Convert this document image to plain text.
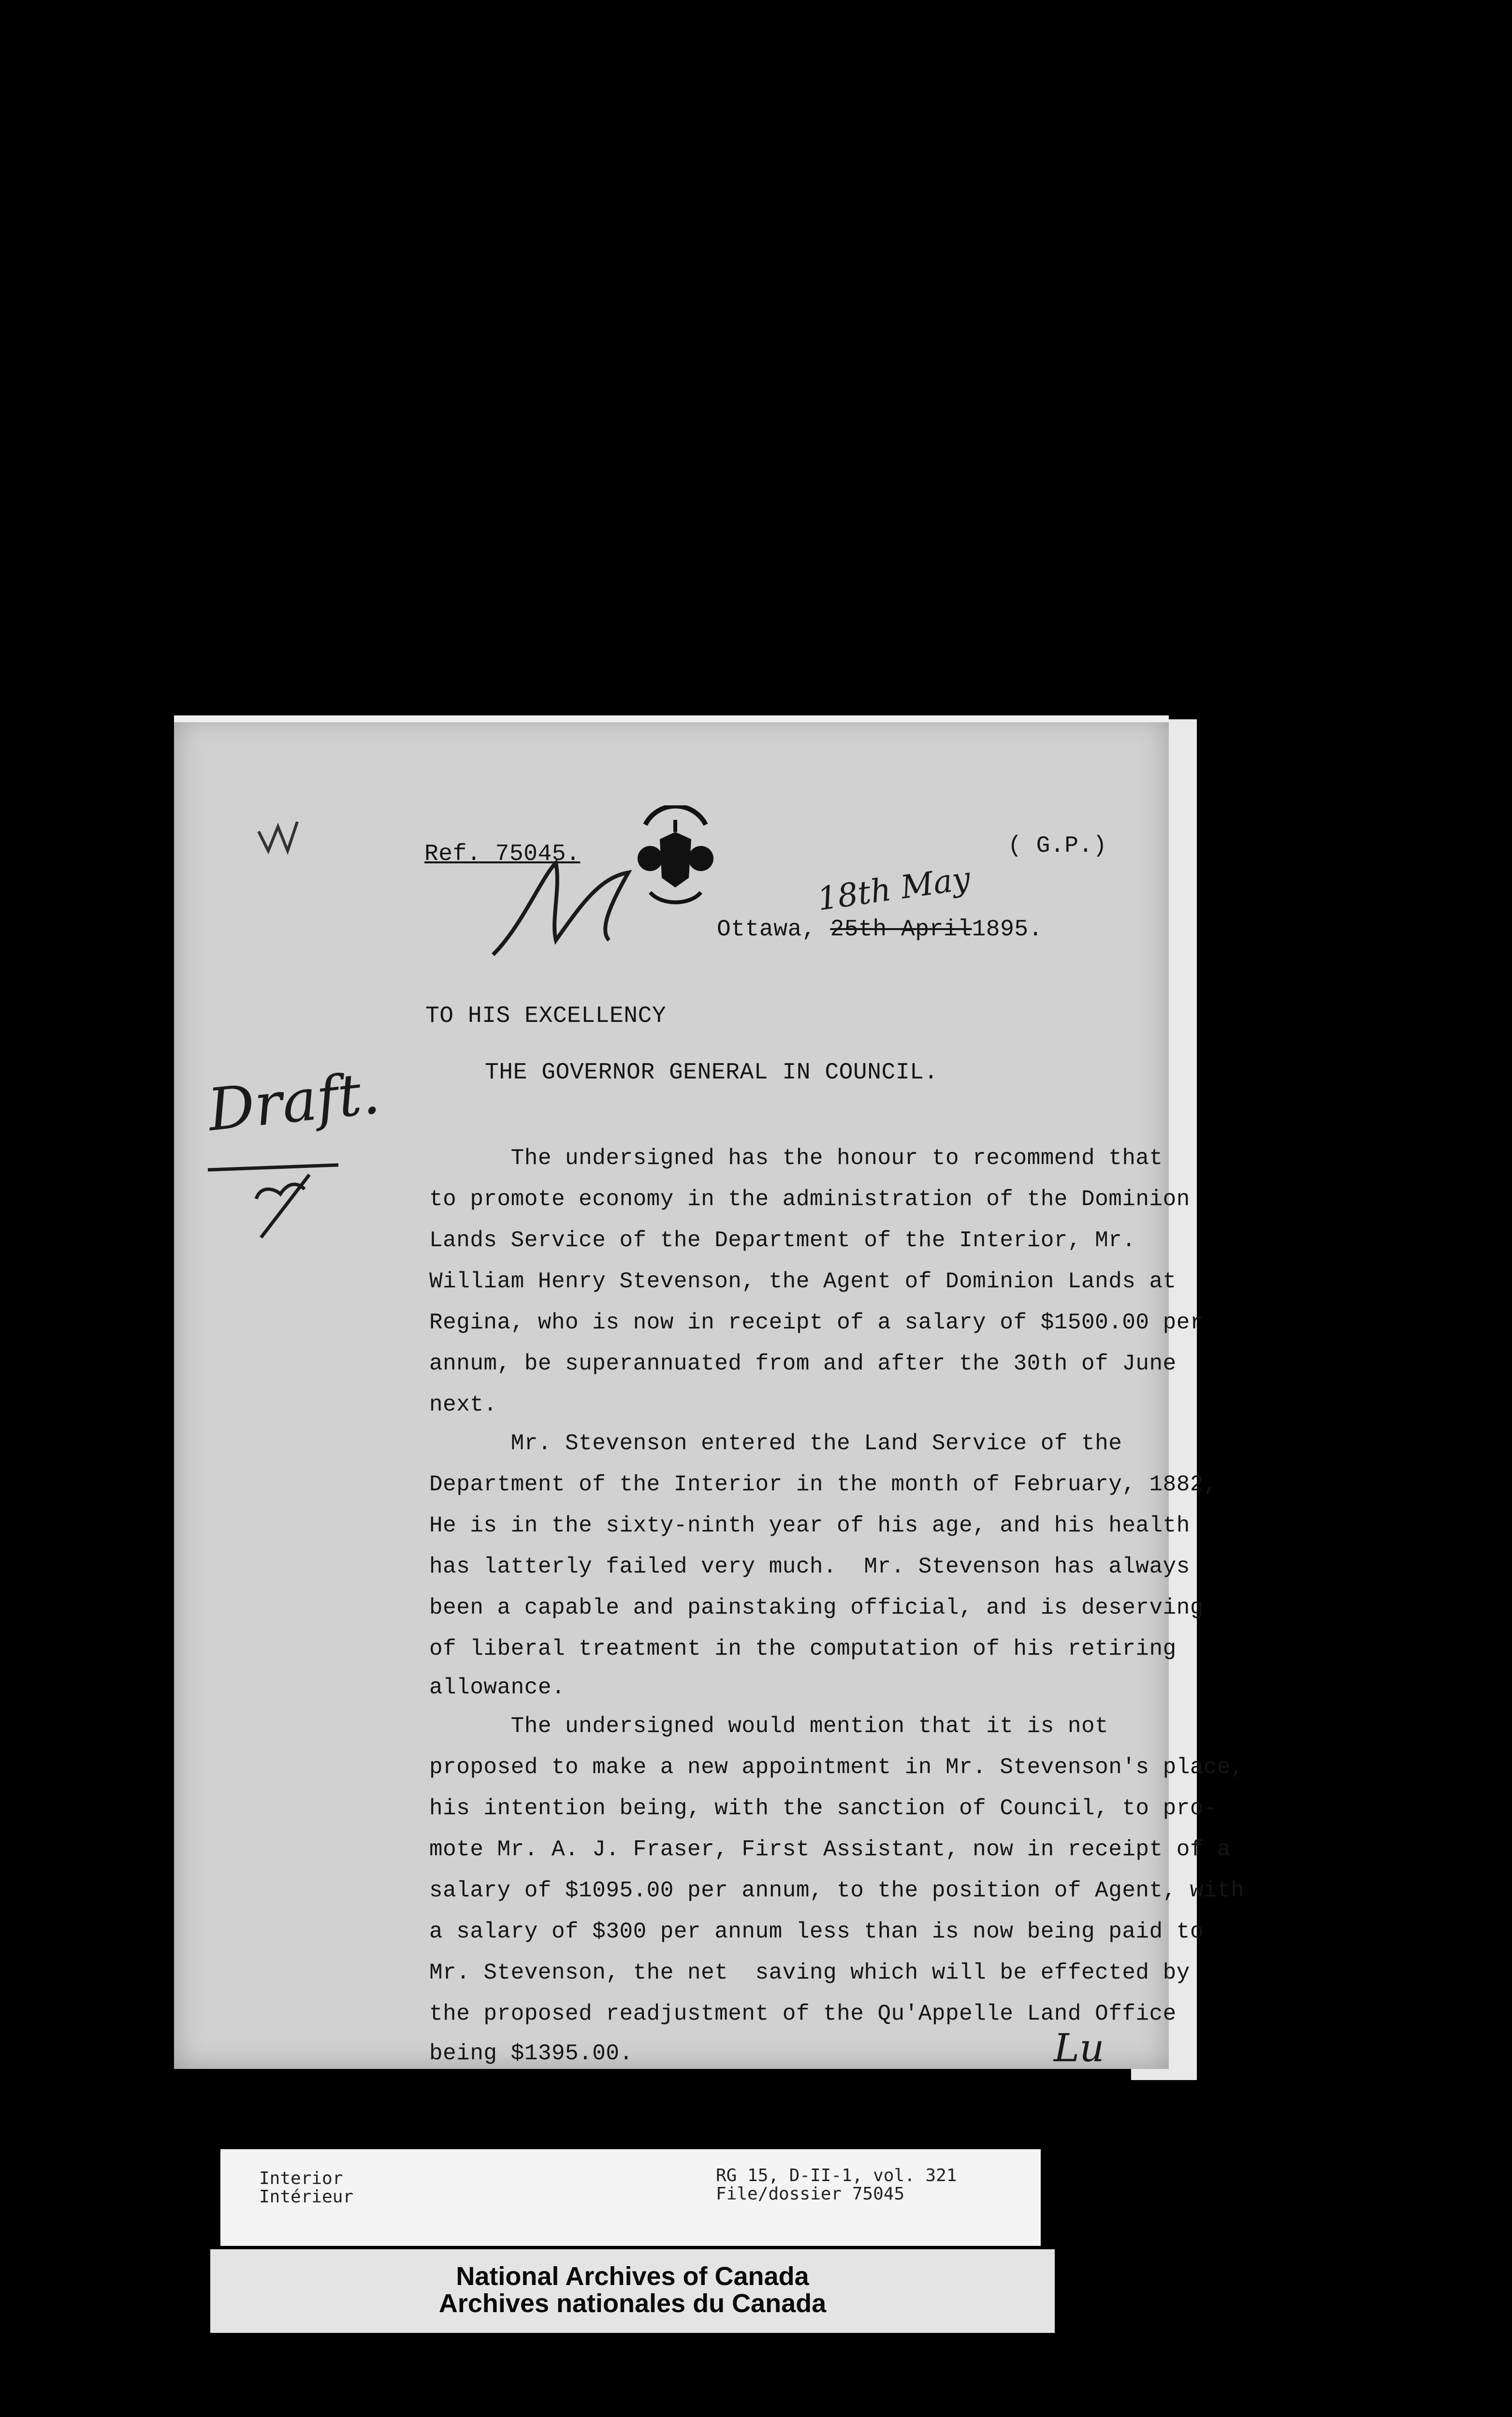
Ref. 75045.	( G.P.)
Ottawa, 25th April1895.
18th May
Draft.
Lu
TO HIS EXCELLENCY
THE GOVERNOR GENERAL IN COUNCIL.
The undersigned has the honour to recommend that
to promote economy in the administration of the Dominion
Lands Service of the Department of the Interior, Mr.
William Henry Stevenson, the Agent of Dominion Lands at
Regina, who is now in receipt of a salary of $1500.00 per
annum, be superannuated from and after the 30th of June
next.
Mr. Stevenson entered the Land Service of the
Department of the Interior in the month of February, 1882,
He is in the sixty-ninth year of his age, and his health
has latterly failed very much.  Mr. Stevenson has always
been a capable and painstaking official, and is deserving
of liberal treatment in the computation of his retiring
allowance.
The undersigned would mention that it is not
proposed to make a new appointment in Mr. Stevenson's place,
his intention being, with the sanction of Council, to pro-
mote Mr. A. J. Fraser, First Assistant, now in receipt of a
salary of $1095.00 per annum, to the position of Agent, with
a salary of $300 per annum less than is now being paid to
Mr. Stevenson, the net  saving which will be effected by
the proposed readjustment of the Qu'Appelle Land Office
being $1395.00.
Interior
Intérieur
RG 15, D-II-1, vol. 321
File/dossier 75045
National Archives of Canada
Archives nationales du Canada
